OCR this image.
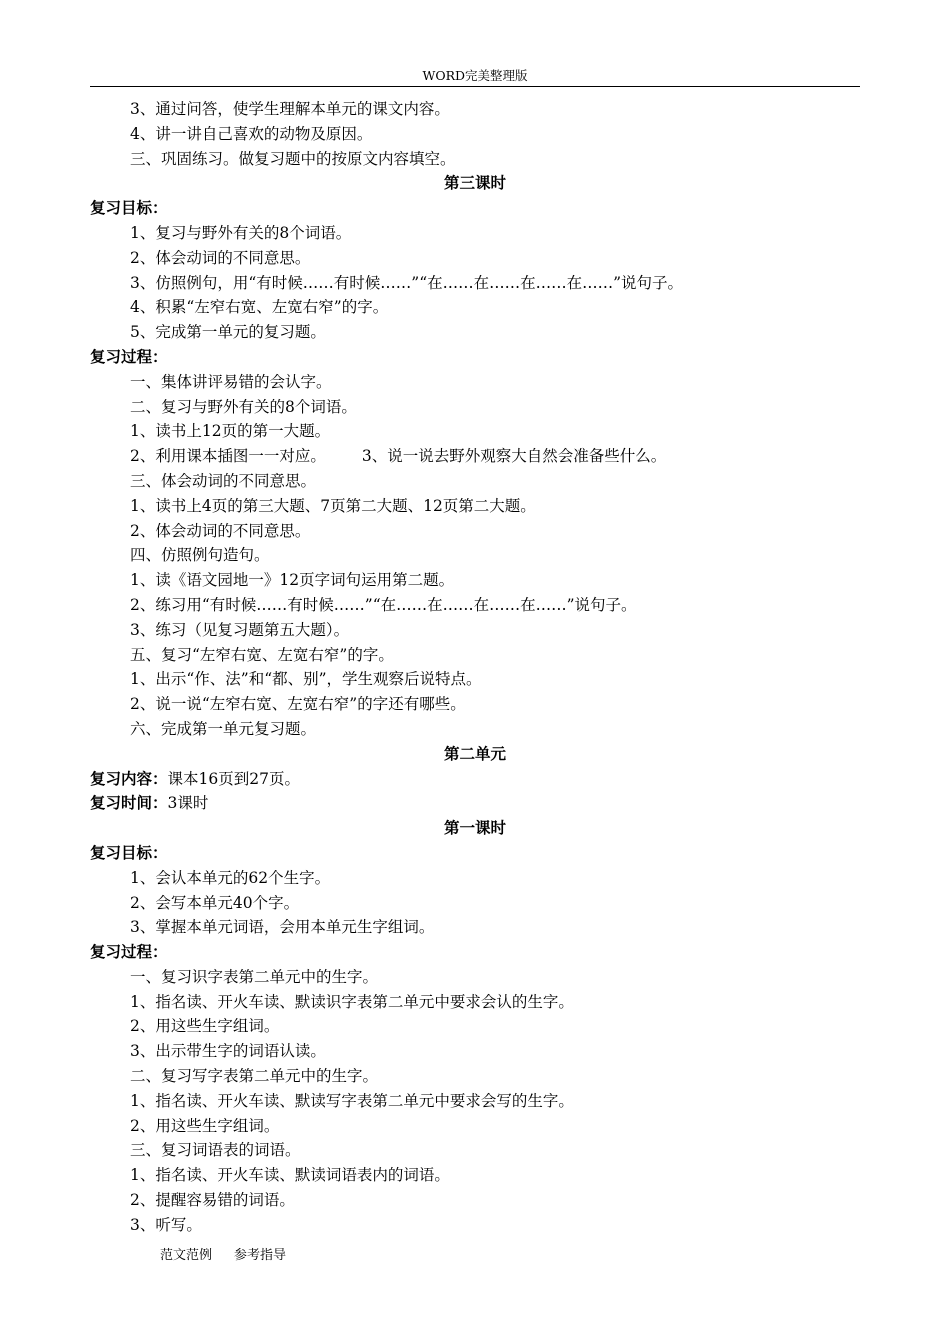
WORD完美整理版
3、通过问答，使学生理解本单元的课文内容。
4、讲一讲自己喜欢的动物及原因。
三、巩固练习。做复习题中的按原文内容填空。
第三课时
复习目标：
1、复习与野外有关的8个词语。
2、体会动词的不同意思。
3、仿照例句，用“有时候……有时候……”“在……在……在……在……”说句子。
4、积累“左窄右宽、左宽右窄”的字。
5、完成第一单元的复习题。
复习过程：
一、集体讲评易错的会认字。
二、复习与野外有关的8个词语。
1、读书上12页的第一大题。
2、利用课本插图一一对应。 3、说一说去野外观察大自然会准备些什么。
三、体会动词的不同意思。
1、读书上4页的第三大题、7页第二大题、12页第二大题。
2、体会动词的不同意思。
四、仿照例句造句。
1、读《语文园地一》12页字词句运用第二题。
2、练习用“有时候……有时候……”“在……在……在……在……”说句子。
3、练习（见复习题第五大题）。
五、复习“左窄右宽、左宽右窄”的字。
1、出示“作、法”和“都、别”，学生观察后说特点。
2、说一说“左窄右宽、左宽右窄”的字还有哪些。
六、完成第一单元复习题。
第二单元
复习内容：课本16页到27页。
复习时间：3课时
第一课时
复习目标：
1、会认本单元的62个生字。
2、会写本单元40个字。
3、掌握本单元词语，会用本单元生字组词。
复习过程：
一、复习识字表第二单元中的生字。
1、指名读、开火车读、默读识字表第二单元中要求会认的生字。
2、用这些生字组词。
3、出示带生字的词语认读。
二、复习写字表第二单元中的生字。
1、指名读、开火车读、默读写字表第二单元中要求会写的生字。
2、用这些生字组词。
三、复习词语表的词语。
1、指名读、开火车读、默读词语表内的词语。
2、提醒容易错的词语。
3、听写。
范文范例 参考指导
